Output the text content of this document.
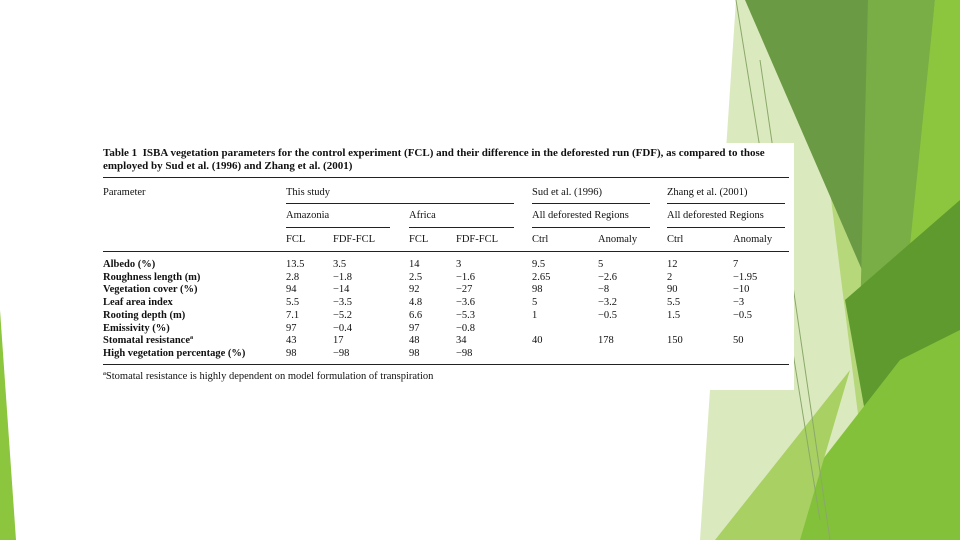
Table 1 ISBA vegetation parameters for the control experiment (FCL) and their difference in the deforested run (FDF), as compared to those employed by Sud et al. (1996) and Zhang et al. (2001)
Parameter	This study	Sud et al. (1996)	Zhang et al. (2001)
Amazonia	Africa	All deforested Regions	All deforested Regions
FCL	FDF-FCL	FCL	FDF-FCL	Ctrl	Anomaly	Ctrl	Anomaly
Albedo (%)	13.5	3.5	14	3	9.5	5	12	7
Roughness length (m)	2.8	−1.8	2.5	−1.6	2.65	−2.6	2	−1.95
Vegetation cover (%)	94	−14	92	−27	98	−8	90	−10
Leaf area index	5.5	−3.5	4.8	−3.6	5	−3.2	5.5	−3
Rooting depth (m)	7.1	−5.2	6.6	−5.3	1	−0.5	1.5	−0.5
Emissivity (%)	97	−0.4	97	−0.8
Stomatal resistanceª	43	17	48	34	40	178	150	50
High vegetation percentage (%)	98	−98	98	−98
ªStomatal resistance is highly dependent on model formulation of transpiration
